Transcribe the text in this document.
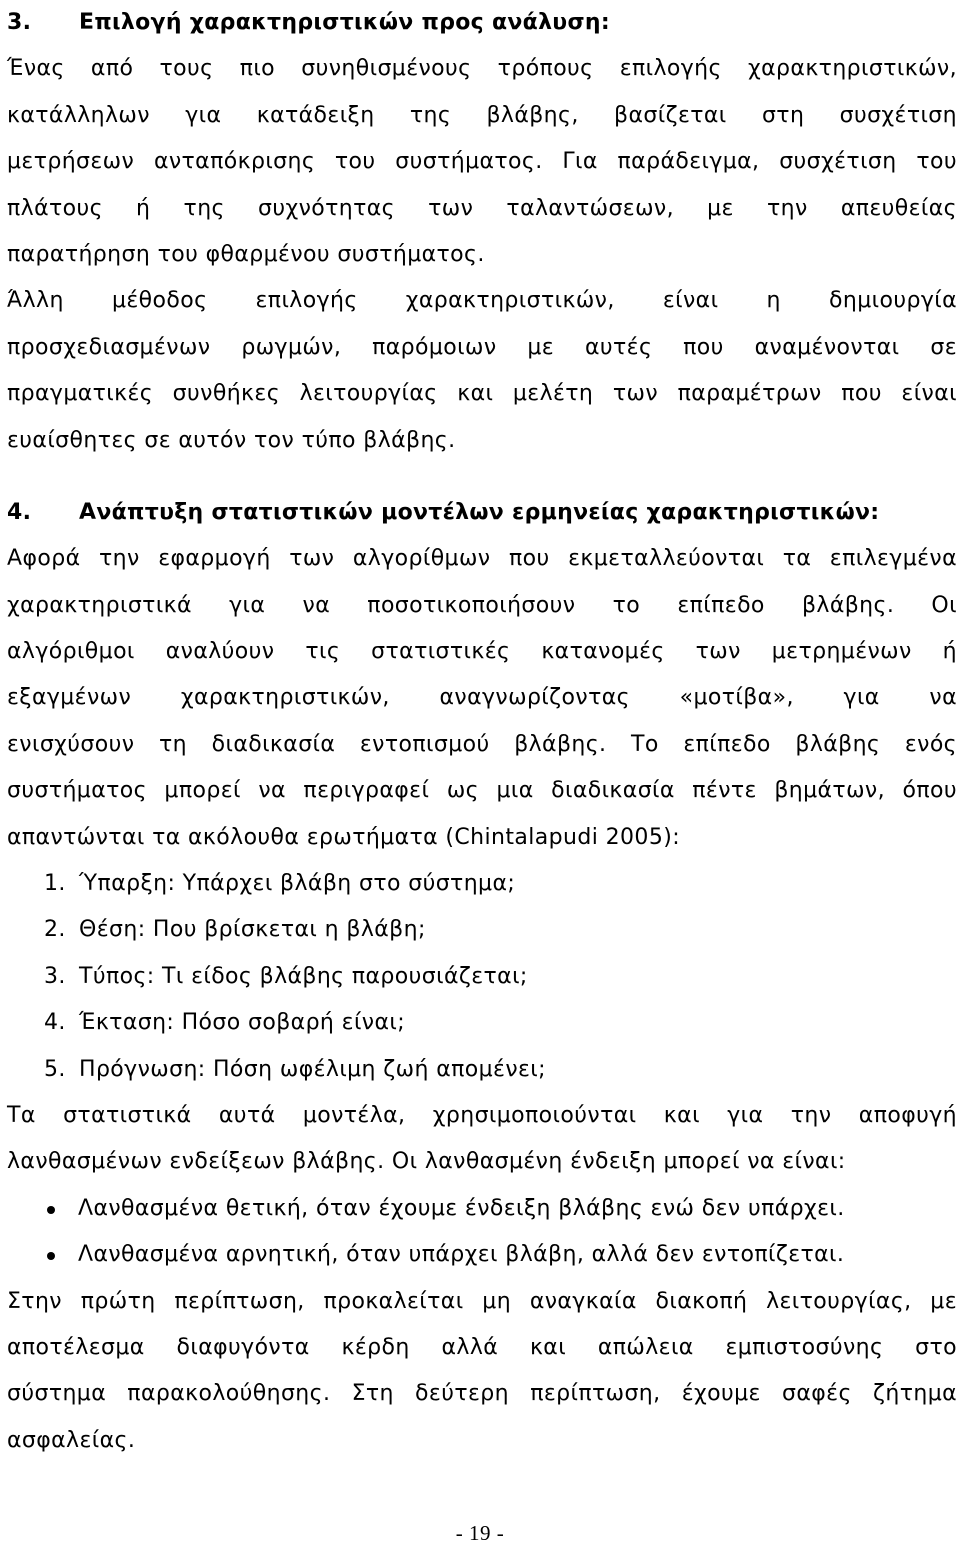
3. Επιλογή χαρακτηριστικών προς ανάλυση:
Ένας από τους πιο συνηθισμένους τρόπους επιλογής χαρακτηριστικών,
κατάλληλων για κατάδειξη της βλάβης, βασίζεται στη συσχέτιση
μετρήσεων ανταπόκρισης του συστήματος. Για παράδειγμα, συσχέτιση του
πλάτους ή της συχνότητας των ταλαντώσεων, με την απευθείας
παρατήρηση του φθαρμένου συστήματος.
Άλλη μέθοδος επιλογής χαρακτηριστικών, είναι η δημιουργία
προσχεδιασμένων ρωγμών, παρόμοιων με αυτές που αναμένονται σε
πραγματικές συνθήκες λειτουργίας και μελέτη των παραμέτρων που είναι
ευαίσθητες σε αυτόν τον τύπο βλάβης.
4. Ανάπτυξη στατιστικών μοντέλων ερμηνείας χαρακτηριστικών:
Αφορά την εφαρμογή των αλγορίθμων που εκμεταλλεύονται τα επιλεγμένα
χαρακτηριστικά για να ποσοτικοποιήσουν το επίπεδο βλάβης. Οι
αλγόριθμοι αναλύουν τις στατιστικές κατανομές των μετρημένων ή
εξαγμένων χαρακτηριστικών, αναγνωρίζοντας «μοτίβα», για να
ενισχύσουν τη διαδικασία εντοπισμού βλάβης. Το επίπεδο βλάβης ενός
συστήματος μπορεί να περιγραφεί ως μια διαδικασία πέντε βημάτων, όπου
απαντώνται τα ακόλουθα ερωτήματα (Chintalapudi 2005):
1. Ύπαρξη: Υπάρχει βλάβη στο σύστημα;
2. Θέση: Που βρίσκεται η βλάβη;
3. Τύπος: Τι είδος βλάβης παρουσιάζεται;
4. Έκταση: Πόσο σοβαρή είναι;
5. Πρόγνωση: Πόση ωφέλιμη ζωή απομένει;
Τα στατιστικά αυτά μοντέλα, χρησιμοποιούνται και για την αποφυγή
λανθασμένων ενδείξεων βλάβης. Οι λανθασμένη ένδειξη μπορεί να είναι:
Λανθασμένα θετική, όταν έχουμε ένδειξη βλάβης ενώ δεν υπάρχει.
Λανθασμένα αρνητική, όταν υπάρχει βλάβη, αλλά δεν εντοπίζεται.
Στην πρώτη περίπτωση, προκαλείται μη αναγκαία διακοπή λειτουργίας, με
αποτέλεσμα διαφυγόντα κέρδη αλλά και απώλεια εμπιστοσύνης στο
σύστημα παρακολούθησης. Στη δεύτερη περίπτωση, έχουμε σαφές ζήτημα
ασφαλείας.
- 19 -
